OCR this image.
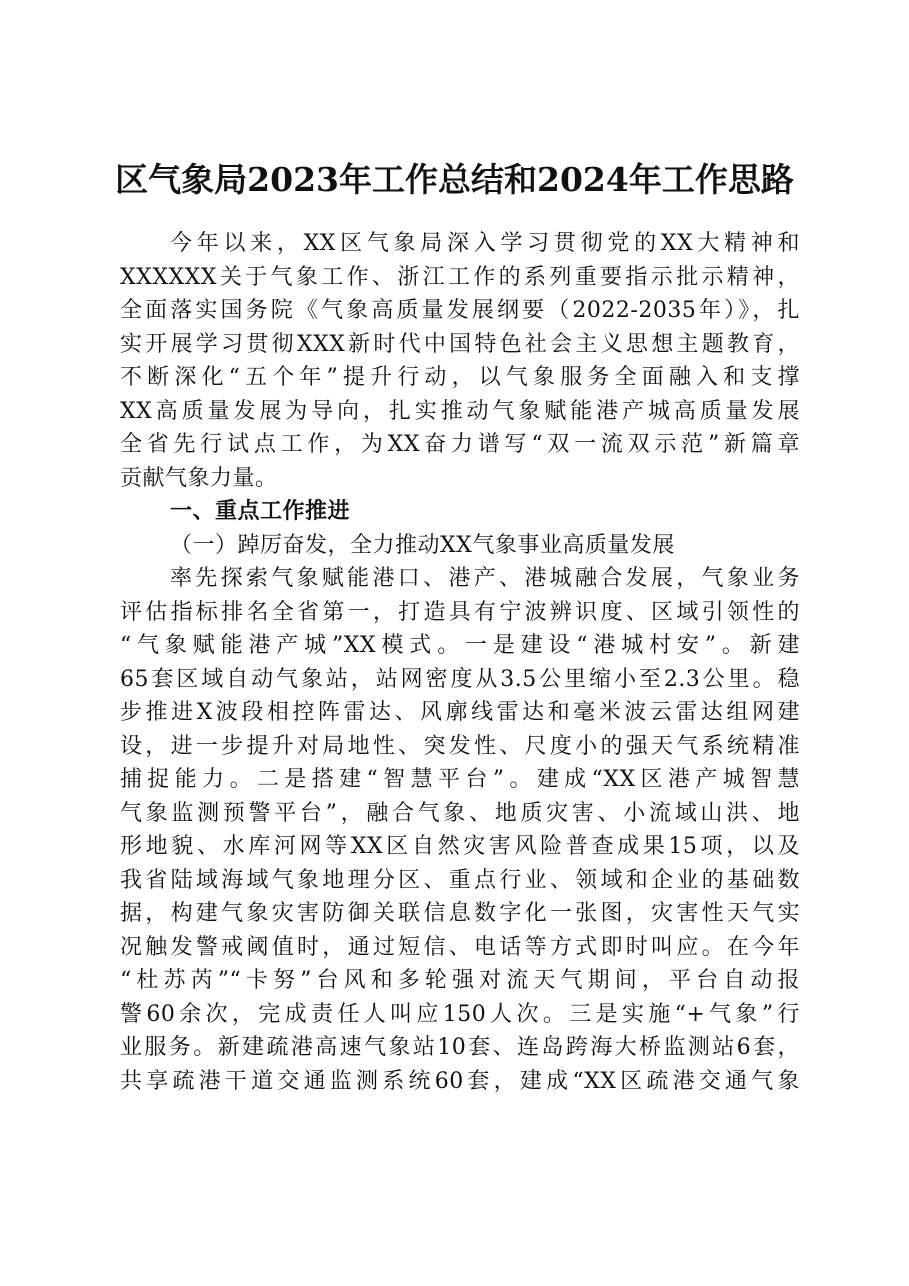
区气象局2023年工作总结和2024年工作思路
今年以来，XX区气象局深入学习贯彻党的XX大精神和
XXXXXX关于气象工作、浙江工作的系列重要指示批示精神，
全面落实国务院《气象高质量发展纲要（2022-2035年）》，扎
实开展学习贯彻XXX新时代中国特色社会主义思想主题教育，
不断深化“五个年”提升行动，以气象服务全面融入和支撑
XX高质量发展为导向，扎实推动气象赋能港产城高质量发展
全省先行试点工作，为XX奋力谱写“双一流双示范”新篇章
贡献气象力量。
一、重点工作推进
（一）踔厉奋发，全力推动XX气象事业高质量发展
率先探索气象赋能港口、港产、港城融合发展，气象业务
评估指标排名全省第一，打造具有宁波辨识度、区域引领性的
“气象赋能港产城”XX模式。一是建设“港城村安”。新建
65套区域自动气象站，站网密度从3.5公里缩小至2.3公里。稳
步推进X波段相控阵雷达、风廓线雷达和毫米波云雷达组网建
设，进一步提升对局地性、突发性、尺度小的强天气系统精准
捕捉能力。二是搭建“智慧平台”。建成“XX区港产城智慧
气象监测预警平台”，融合气象、地质灾害、小流域山洪、地
形地貌、水库河网等XX区自然灾害风险普查成果15项，以及
我省陆域海域气象地理分区、重点行业、领域和企业的基础数
据，构建气象灾害防御关联信息数字化一张图，灾害性天气实
况触发警戒阈值时，通过短信、电话等方式即时叫应。在今年
“杜苏芮”“卡努”台风和多轮强对流天气期间，平台自动报
警60余次，完成责任人叫应150人次。三是实施“+气象”行
业服务。新建疏港高速气象站10套、连岛跨海大桥监测站6套，
共享疏港干道交通监测系统60套，建成“XX区疏港交通气象
